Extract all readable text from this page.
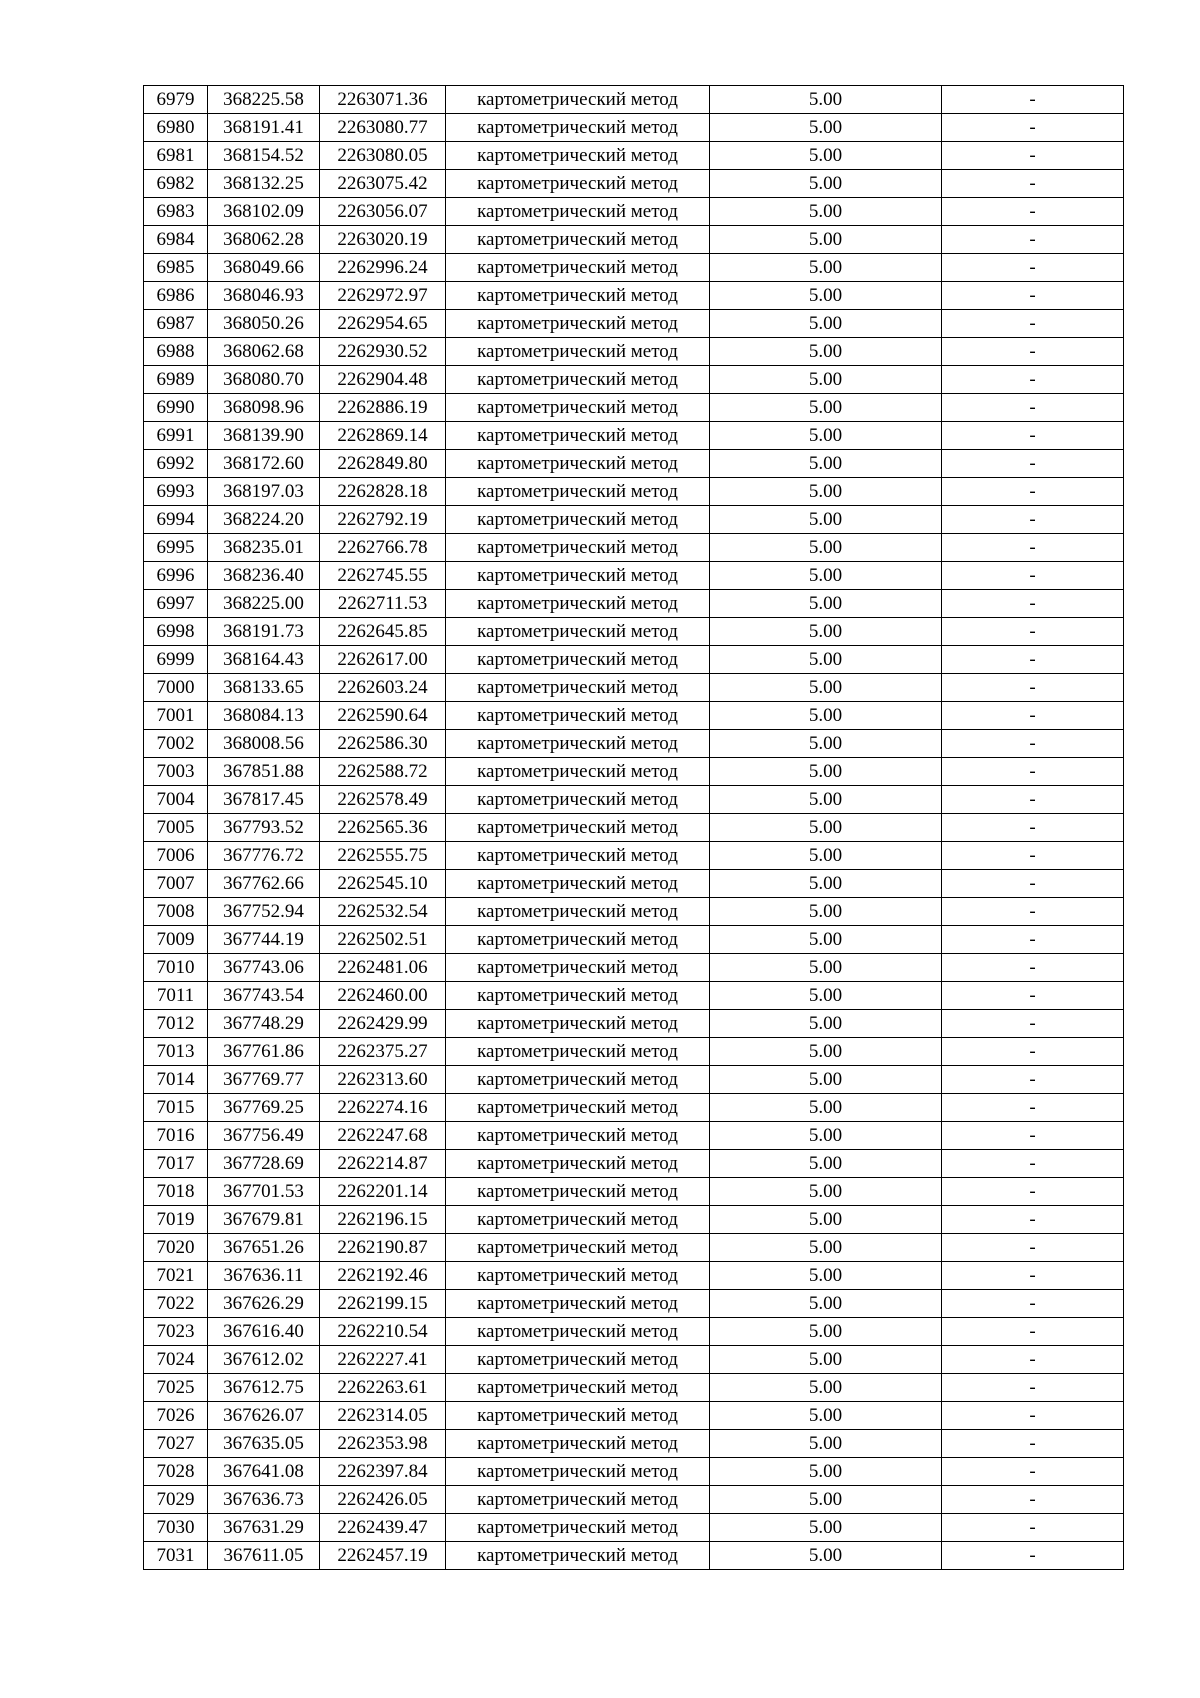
6979	368225.58	2263071.36	картометрический метод	5.00	-
6980	368191.41	2263080.77	картометрический метод	5.00	-
6981	368154.52	2263080.05	картометрический метод	5.00	-
6982	368132.25	2263075.42	картометрический метод	5.00	-
6983	368102.09	2263056.07	картометрический метод	5.00	-
6984	368062.28	2263020.19	картометрический метод	5.00	-
6985	368049.66	2262996.24	картометрический метод	5.00	-
6986	368046.93	2262972.97	картометрический метод	5.00	-
6987	368050.26	2262954.65	картометрический метод	5.00	-
6988	368062.68	2262930.52	картометрический метод	5.00	-
6989	368080.70	2262904.48	картометрический метод	5.00	-
6990	368098.96	2262886.19	картометрический метод	5.00	-
6991	368139.90	2262869.14	картометрический метод	5.00	-
6992	368172.60	2262849.80	картометрический метод	5.00	-
6993	368197.03	2262828.18	картометрический метод	5.00	-
6994	368224.20	2262792.19	картометрический метод	5.00	-
6995	368235.01	2262766.78	картометрический метод	5.00	-
6996	368236.40	2262745.55	картометрический метод	5.00	-
6997	368225.00	2262711.53	картометрический метод	5.00	-
6998	368191.73	2262645.85	картометрический метод	5.00	-
6999	368164.43	2262617.00	картометрический метод	5.00	-
7000	368133.65	2262603.24	картометрический метод	5.00	-
7001	368084.13	2262590.64	картометрический метод	5.00	-
7002	368008.56	2262586.30	картометрический метод	5.00	-
7003	367851.88	2262588.72	картометрический метод	5.00	-
7004	367817.45	2262578.49	картометрический метод	5.00	-
7005	367793.52	2262565.36	картометрический метод	5.00	-
7006	367776.72	2262555.75	картометрический метод	5.00	-
7007	367762.66	2262545.10	картометрический метод	5.00	-
7008	367752.94	2262532.54	картометрический метод	5.00	-
7009	367744.19	2262502.51	картометрический метод	5.00	-
7010	367743.06	2262481.06	картометрический метод	5.00	-
7011	367743.54	2262460.00	картометрический метод	5.00	-
7012	367748.29	2262429.99	картометрический метод	5.00	-
7013	367761.86	2262375.27	картометрический метод	5.00	-
7014	367769.77	2262313.60	картометрический метод	5.00	-
7015	367769.25	2262274.16	картометрический метод	5.00	-
7016	367756.49	2262247.68	картометрический метод	5.00	-
7017	367728.69	2262214.87	картометрический метод	5.00	-
7018	367701.53	2262201.14	картометрический метод	5.00	-
7019	367679.81	2262196.15	картометрический метод	5.00	-
7020	367651.26	2262190.87	картометрический метод	5.00	-
7021	367636.11	2262192.46	картометрический метод	5.00	-
7022	367626.29	2262199.15	картометрический метод	5.00	-
7023	367616.40	2262210.54	картометрический метод	5.00	-
7024	367612.02	2262227.41	картометрический метод	5.00	-
7025	367612.75	2262263.61	картометрический метод	5.00	-
7026	367626.07	2262314.05	картометрический метод	5.00	-
7027	367635.05	2262353.98	картометрический метод	5.00	-
7028	367641.08	2262397.84	картометрический метод	5.00	-
7029	367636.73	2262426.05	картометрический метод	5.00	-
7030	367631.29	2262439.47	картометрический метод	5.00	-
7031	367611.05	2262457.19	картометрический метод	5.00	-
